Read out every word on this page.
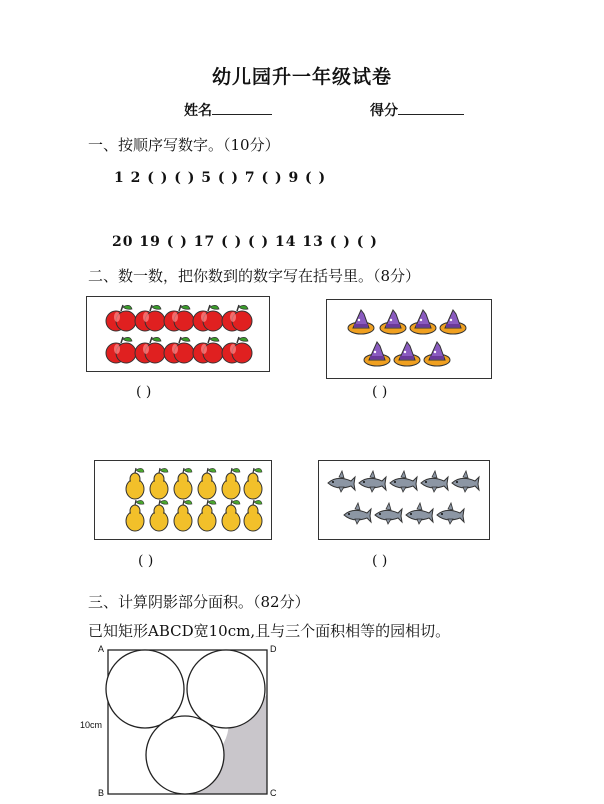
幼儿园升一年级试卷
姓名	得分
一、按顺序写数字。（10分）
1 2 ( ) ( ) 5 ( ) 7 ( ) 9 ( )
20 19 ( ) 17 ( ) ( ) 14 13 ( ) ( )
二、数一数，把你数到的数字写在括号里。（8分）
( )	( )
( )	( )
三、计算阴影部分面积。（82分）
已知矩形ABCD宽10cm,且与三个面积相等的园相切。
A	D
10cm
B	C
